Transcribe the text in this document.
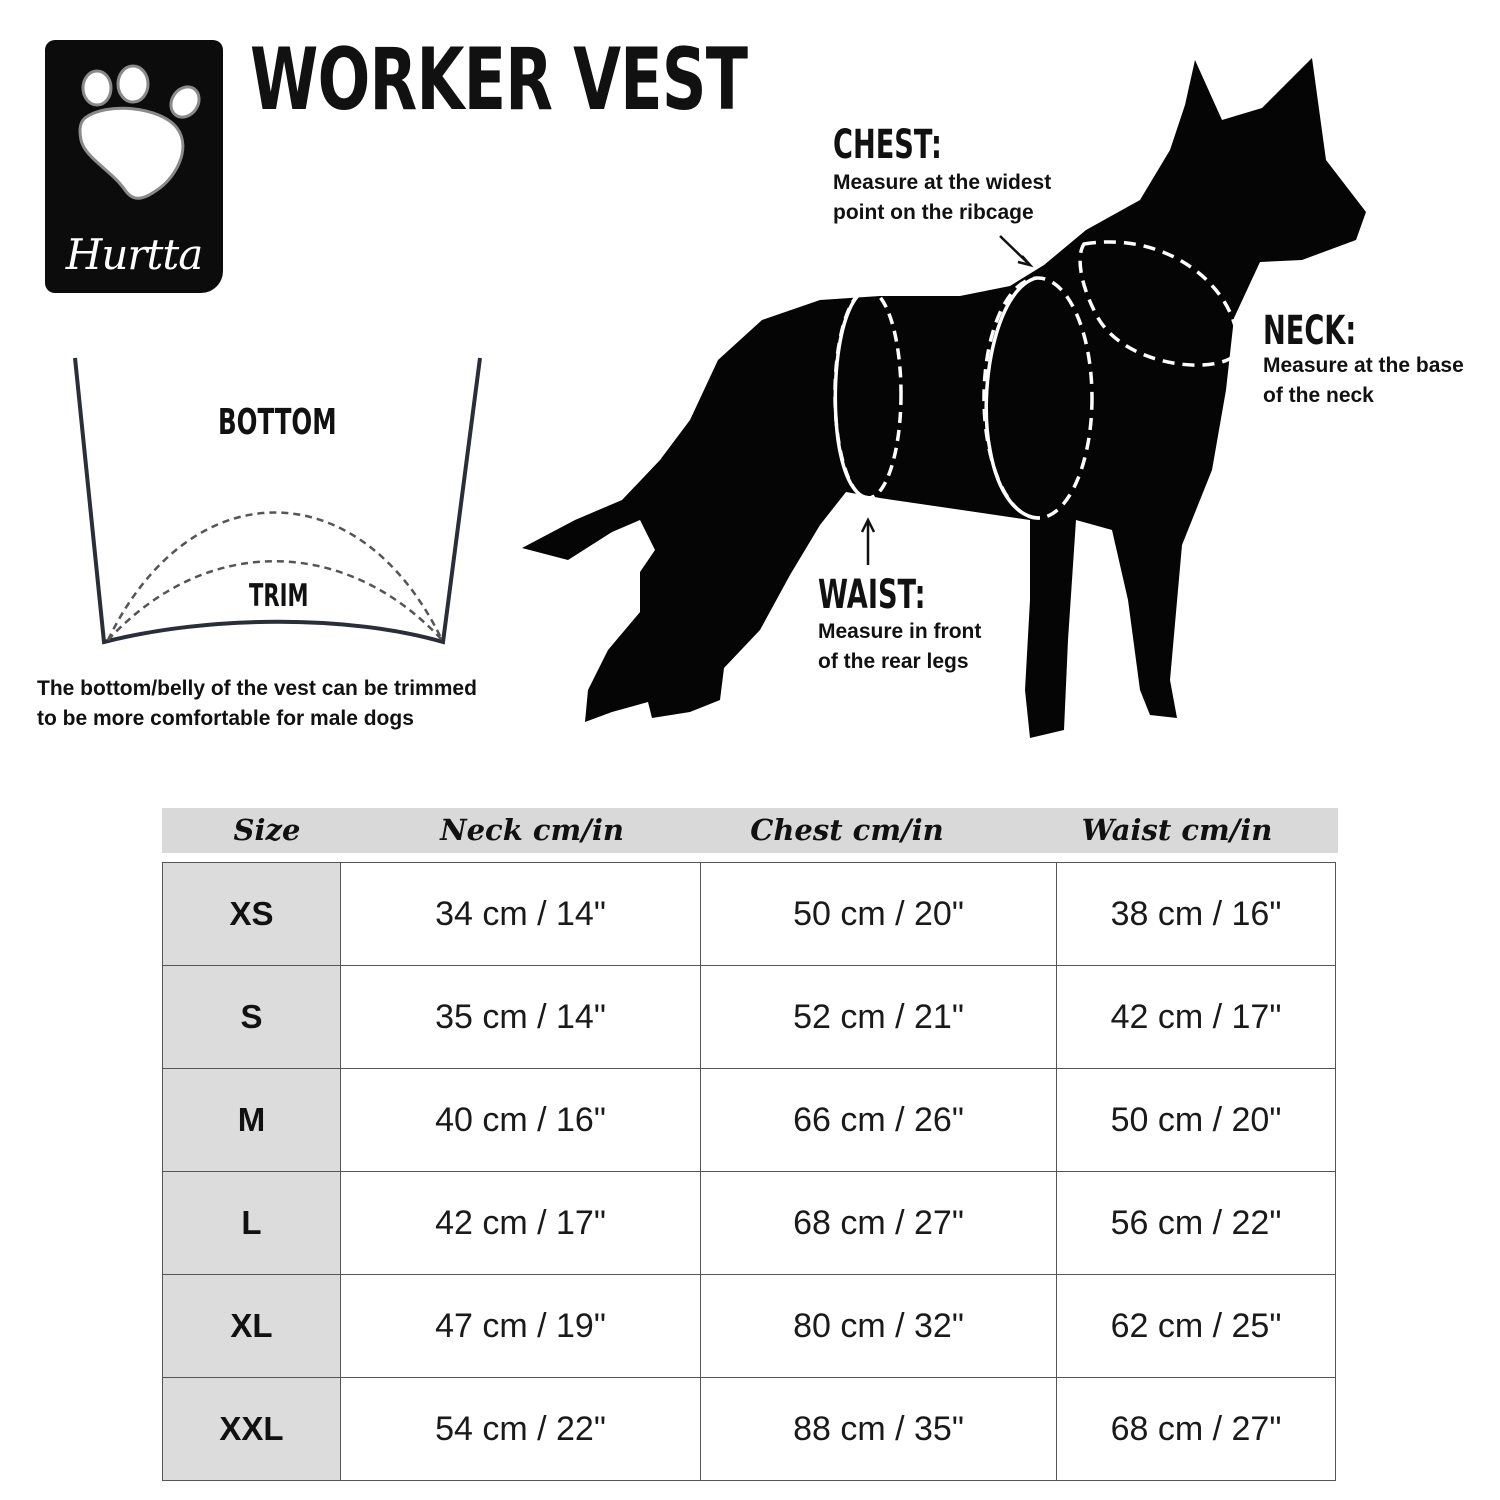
Hurtta
WORKER VEST
BOTTOM
TRIM
The bottom/belly of the vest can be trimmed
to be more comfortable for male dogs
CHEST:
Measure at the widest
point on the ribcage
NECK:
Measure at the base
of the neck
WAIST:
Measure in front
of the rear legs
Size	Neck cm/in	Chest cm/in	Waist cm/in
XS	34 cm / 14"	50 cm / 20"	38 cm / 16"
S	35 cm / 14"	52 cm / 21"	42 cm / 17"
M	40 cm / 16"	66 cm / 26"	50 cm / 20"
L	42 cm / 17"	68 cm / 27"	56 cm / 22"
XL	47 cm / 19"	80 cm / 32"	62 cm / 25"
XXL	54 cm / 22"	88 cm / 35"	68 cm / 27"
